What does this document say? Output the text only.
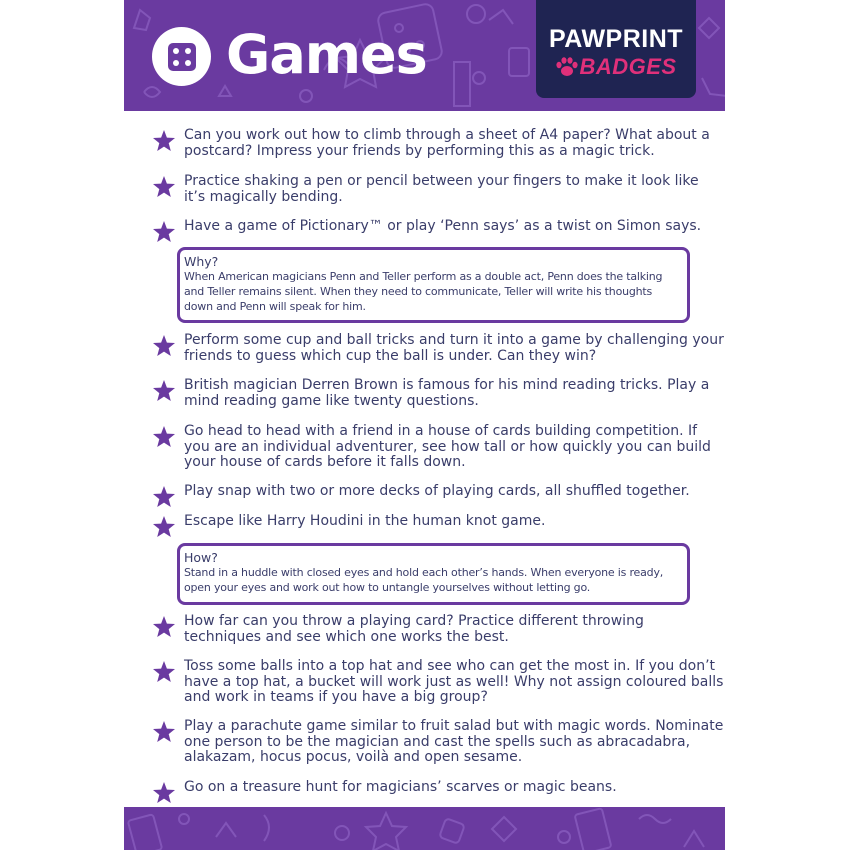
Games	PAWPRINT
BADGES
Can you work out how to climb through a sheet of A4 paper? What about a postcard? Impress your friends by performing this as a magic trick.
Practice shaking a pen or pencil between your fingers to make it look like it’s magically bending.
Have a game of Pictionary™ or play ‘Penn says’ as a twist on Simon says.
Why?
When American magicians Penn and Teller perform as a double act, Penn does the talking and Teller remains silent. When they need to communicate, Teller will write his thoughts down and Penn will speak for him.
Perform some cup and ball tricks and turn it into a game by challenging your friends to guess which cup the ball is under. Can they win?
British magician Derren Brown is famous for his mind reading tricks. Play a mind reading game like twenty questions.
Go head to head with a friend in a house of cards building competition. If you are an individual adventurer, see how tall or how quickly you can build your house of cards before it falls down.
Play snap with two or more decks of playing cards, all shuffled together.
Escape like Harry Houdini in the human knot game.
How?
Stand in a huddle with closed eyes and hold each other’s hands. When everyone is ready, open your eyes and work out how to untangle yourselves without letting go.
How far can you throw a playing card? Practice different throwing techniques and see which one works the best.
Toss some balls into a top hat and see who can get the most in. If you don’t have a top hat, a bucket will work just as well! Why not assign coloured balls and work in teams if you have a big group?
Play a parachute game similar to fruit salad but with magic words. Nominate one person to be the magician and cast the spells such as abracadabra, alakazam, hocus pocus, voilà and open sesame.
Go on a treasure hunt for magicians’ scarves or magic beans.
